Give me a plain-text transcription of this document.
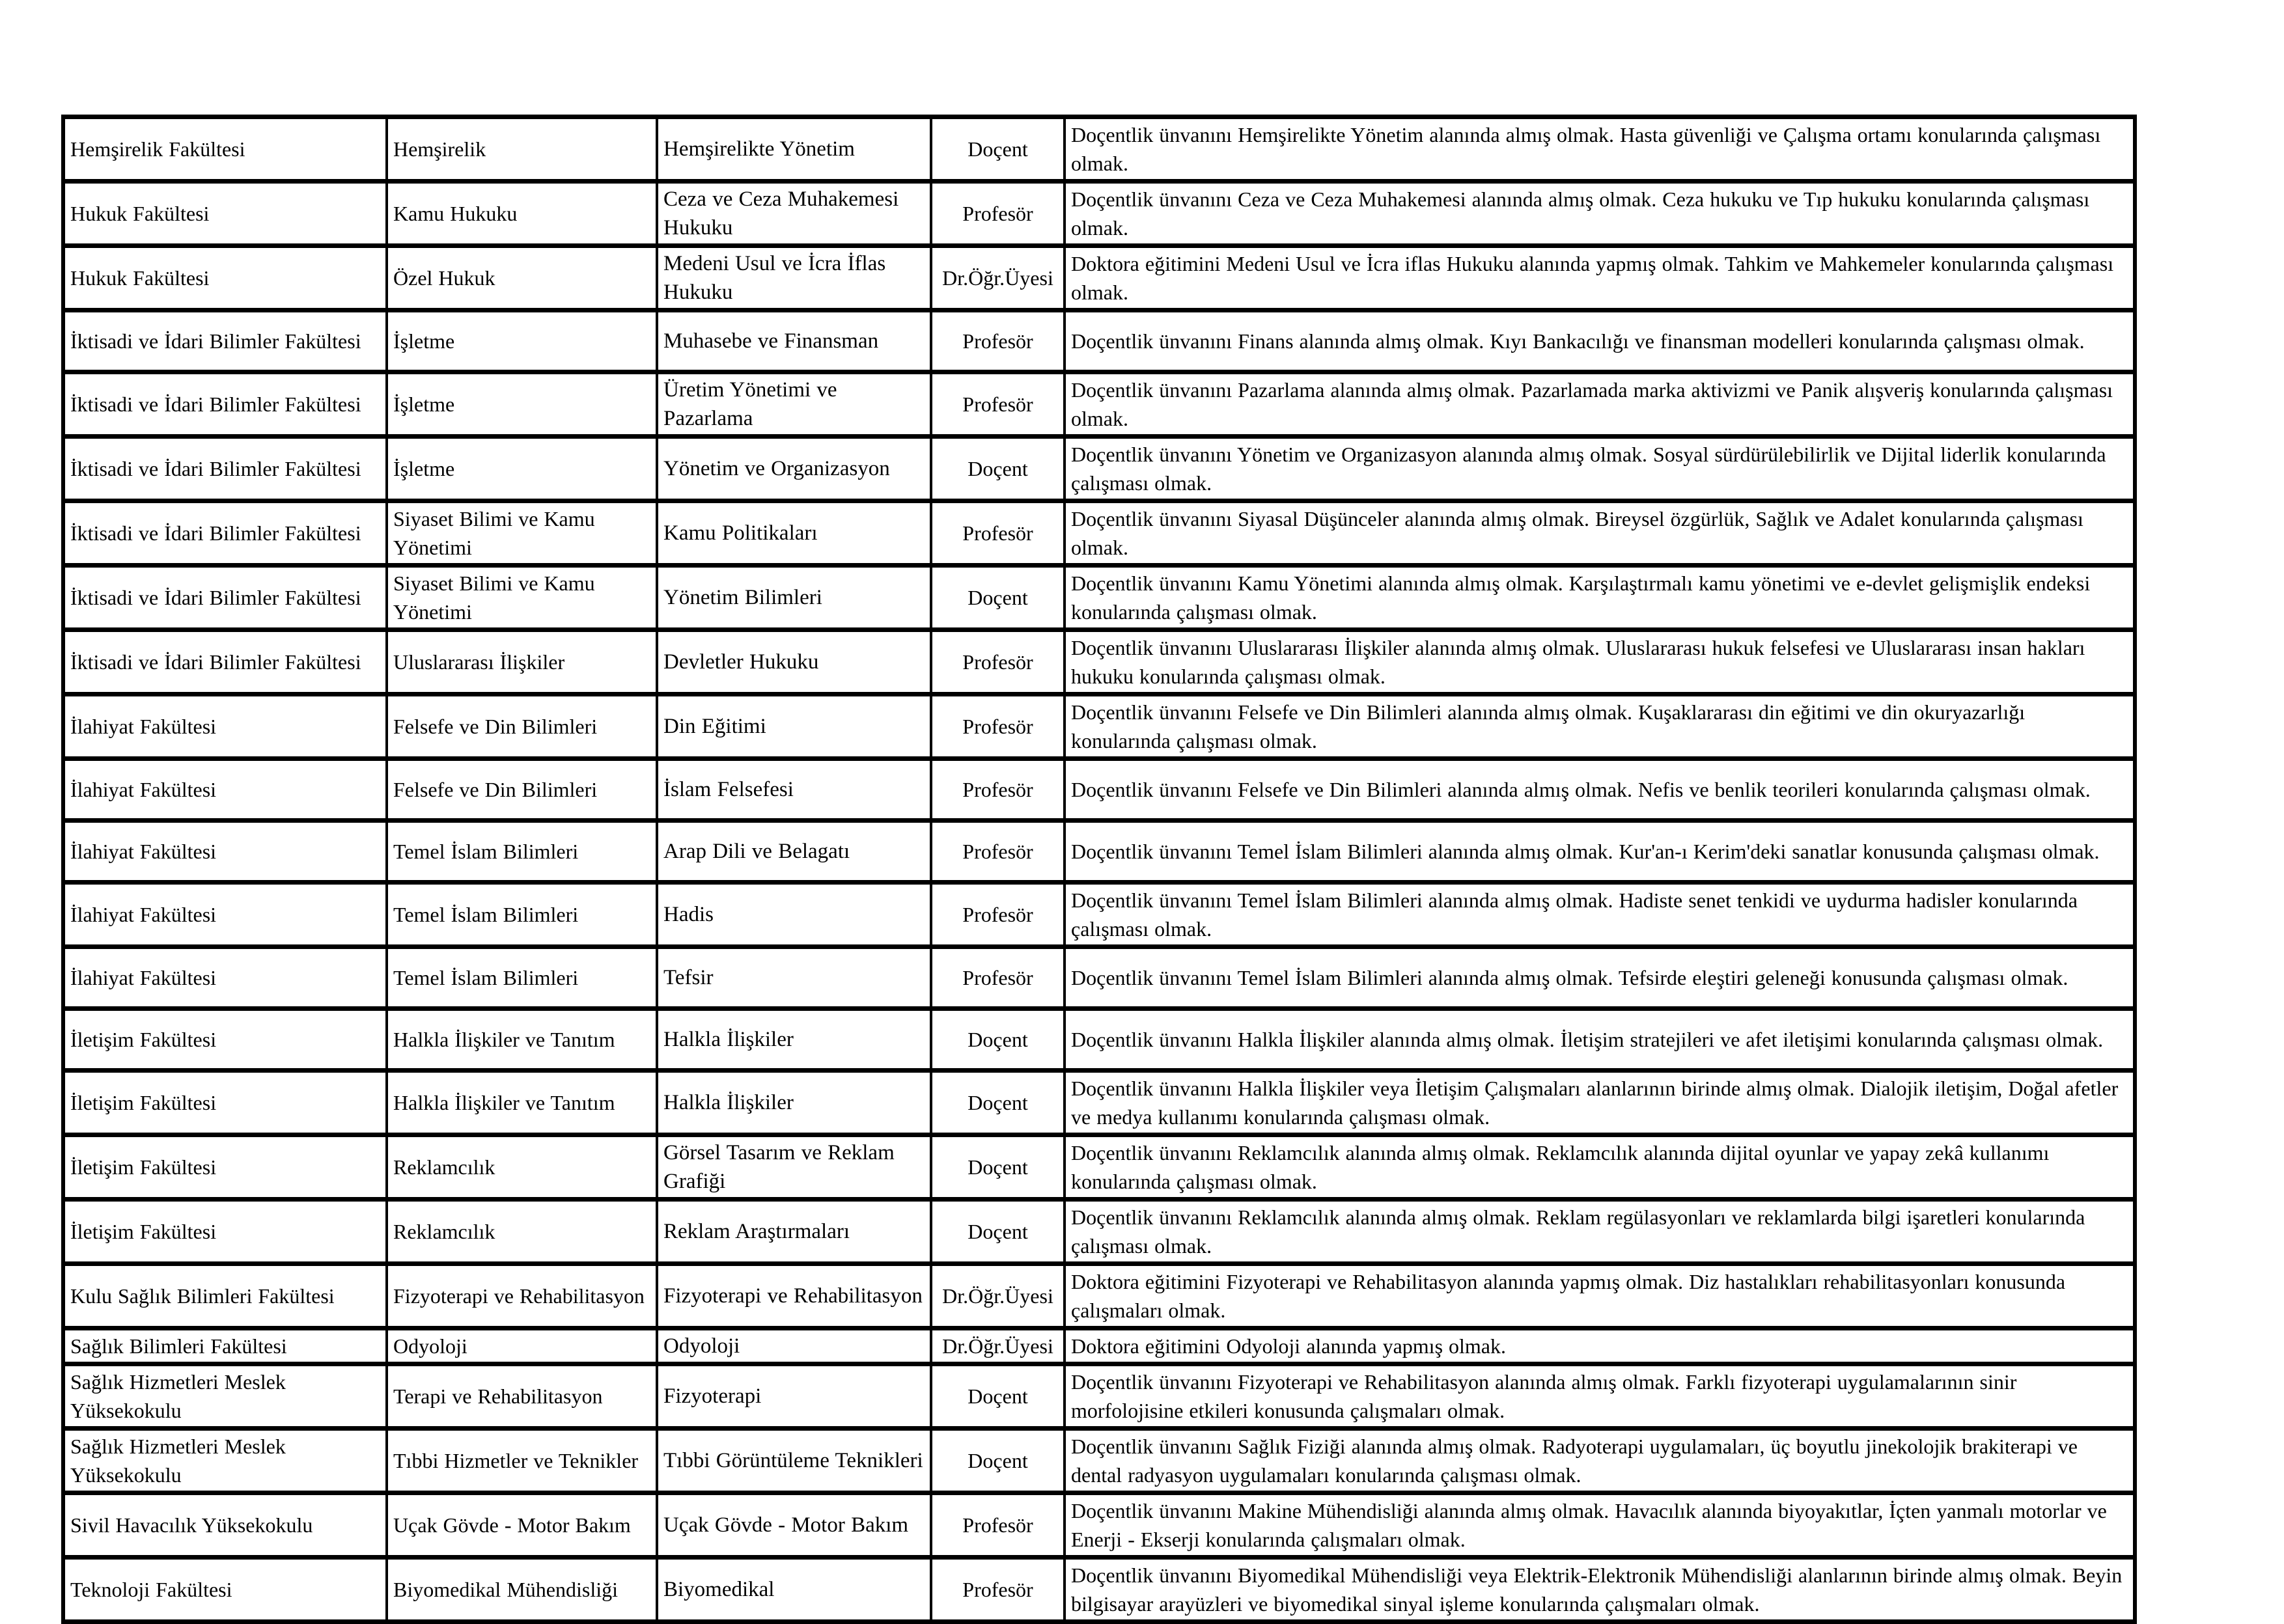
Hemşirelik Fakültesi	Hemşirelik	Hemşirelikte Yönetim	Doçent	Doçentlik ünvanını Hemşirelikte Yönetim alanında almış olmak. Hasta güvenliği ve Çalışma ortamı konularında çalışması olmak.
Hukuk Fakültesi	Kamu Hukuku	Ceza ve Ceza Muhakemesi Hukuku	Profesör	Doçentlik ünvanını Ceza ve Ceza Muhakemesi alanında almış olmak. Ceza hukuku ve Tıp hukuku konularında çalışması olmak.
Hukuk Fakültesi	Özel Hukuk	Medeni Usul ve İcra İflas Hukuku	Dr.Öğr.Üyesi	Doktora eğitimini Medeni Usul ve İcra iflas Hukuku alanında yapmış olmak. Tahkim ve Mahkemeler konularında çalışması olmak.
İktisadi ve İdari Bilimler Fakültesi	İşletme	Muhasebe ve Finansman	Profesör	Doçentlik ünvanını Finans alanında almış olmak. Kıyı Bankacılığı ve finansman modelleri konularında çalışması olmak.
İktisadi ve İdari Bilimler Fakültesi	İşletme	Üretim Yönetimi ve Pazarlama	Profesör	Doçentlik ünvanını Pazarlama alanında almış olmak. Pazarlamada marka aktivizmi ve Panik alışveriş konularında çalışması olmak.
İktisadi ve İdari Bilimler Fakültesi	İşletme	Yönetim ve Organizasyon	Doçent	Doçentlik ünvanını Yönetim ve Organizasyon alanında almış olmak. Sosyal sürdürülebilirlik ve Dijital liderlik konularında çalışması olmak.
İktisadi ve İdari Bilimler Fakültesi	Siyaset Bilimi ve Kamu Yönetimi	Kamu Politikaları	Profesör	Doçentlik ünvanını Siyasal Düşünceler alanında almış olmak. Bireysel özgürlük, Sağlık ve Adalet konularında çalışması olmak.
İktisadi ve İdari Bilimler Fakültesi	Siyaset Bilimi ve Kamu Yönetimi	Yönetim Bilimleri	Doçent	Doçentlik ünvanını Kamu Yönetimi alanında almış olmak. Karşılaştırmalı kamu yönetimi ve e-devlet gelişmişlik endeksi konularında çalışması olmak.
İktisadi ve İdari Bilimler Fakültesi	Uluslararası İlişkiler	Devletler Hukuku	Profesör	Doçentlik ünvanını Uluslararası İlişkiler alanında almış olmak. Uluslararası hukuk felsefesi ve Uluslararası insan hakları hukuku konularında çalışması olmak.
İlahiyat Fakültesi	Felsefe ve Din Bilimleri	Din Eğitimi	Profesör	Doçentlik ünvanını Felsefe ve Din Bilimleri alanında almış olmak. Kuşaklararası din eğitimi ve din okuryazarlığı konularında çalışması olmak.
İlahiyat Fakültesi	Felsefe ve Din Bilimleri	İslam Felsefesi	Profesör	Doçentlik ünvanını Felsefe ve Din Bilimleri alanında almış olmak. Nefis ve benlik teorileri konularında çalışması olmak.
İlahiyat Fakültesi	Temel İslam Bilimleri	Arap Dili ve Belagatı	Profesör	Doçentlik ünvanını Temel İslam Bilimleri alanında almış olmak. Kur'an-ı Kerim'deki sanatlar konusunda çalışması olmak.
İlahiyat Fakültesi	Temel İslam Bilimleri	Hadis	Profesör	Doçentlik ünvanını Temel İslam Bilimleri alanında almış olmak. Hadiste senet tenkidi ve uydurma hadisler konularında çalışması olmak.
İlahiyat Fakültesi	Temel İslam Bilimleri	Tefsir	Profesör	Doçentlik ünvanını Temel İslam Bilimleri alanında almış olmak. Tefsirde eleştiri geleneği konusunda çalışması olmak.
İletişim Fakültesi	Halkla İlişkiler ve Tanıtım	Halkla İlişkiler	Doçent	Doçentlik ünvanını Halkla İlişkiler alanında almış olmak. İletişim stratejileri ve afet iletişimi konularında çalışması olmak.
İletişim Fakültesi	Halkla İlişkiler ve Tanıtım	Halkla İlişkiler	Doçent	Doçentlik ünvanını Halkla İlişkiler veya İletişim Çalışmaları alanlarının birinde almış olmak. Dialojik iletişim, Doğal afetler ve medya kullanımı konularında çalışması olmak.
İletişim Fakültesi	Reklamcılık	Görsel Tasarım ve Reklam Grafiği	Doçent	Doçentlik ünvanını Reklamcılık alanında almış olmak. Reklamcılık alanında dijital oyunlar ve yapay zekâ kullanımı konularında çalışması olmak.
İletişim Fakültesi	Reklamcılık	Reklam Araştırmaları	Doçent	Doçentlik ünvanını Reklamcılık alanında almış olmak. Reklam regülasyonları ve reklamlarda bilgi işaretleri konularında çalışması olmak.
Kulu Sağlık Bilimleri Fakültesi	Fizyoterapi ve Rehabilitasyon	Fizyoterapi ve Rehabilitasyon	Dr.Öğr.Üyesi	Doktora eğitimini Fizyoterapi ve Rehabilitasyon alanında yapmış olmak. Diz hastalıkları rehabilitasyonları konusunda çalışmaları olmak.
Sağlık Bilimleri Fakültesi	Odyoloji	Odyoloji	Dr.Öğr.Üyesi	Doktora eğitimini Odyoloji alanında yapmış olmak.
Sağlık Hizmetleri Meslek Yüksekokulu	Terapi ve Rehabilitasyon	Fizyoterapi	Doçent	Doçentlik ünvanını Fizyoterapi ve Rehabilitasyon alanında almış olmak. Farklı fizyoterapi uygulamalarının sinir morfolojisine etkileri konusunda çalışmaları olmak.
Sağlık Hizmetleri Meslek Yüksekokulu	Tıbbi Hizmetler ve Teknikler	Tıbbi Görüntüleme Teknikleri	Doçent	Doçentlik ünvanını Sağlık Fiziği alanında almış olmak. Radyoterapi uygulamaları, üç boyutlu jinekolojik brakiterapi ve dental radyasyon uygulamaları konularında çalışması olmak.
Sivil Havacılık Yüksekokulu	Uçak Gövde - Motor Bakım	Uçak Gövde - Motor Bakım	Profesör	Doçentlik ünvanını Makine Mühendisliği alanında almış olmak. Havacılık alanında biyoyakıtlar, İçten yanmalı motorlar ve Enerji - Ekserji konularında çalışmaları olmak.
Teknoloji Fakültesi	Biyomedikal Mühendisliği	Biyomedikal	Profesör	Doçentlik ünvanını Biyomedikal Mühendisliği veya Elektrik-Elektronik Mühendisliği alanlarının birinde almış olmak. Beyin bilgisayar arayüzleri ve biyomedikal sinyal işleme konularında çalışmaları olmak.
